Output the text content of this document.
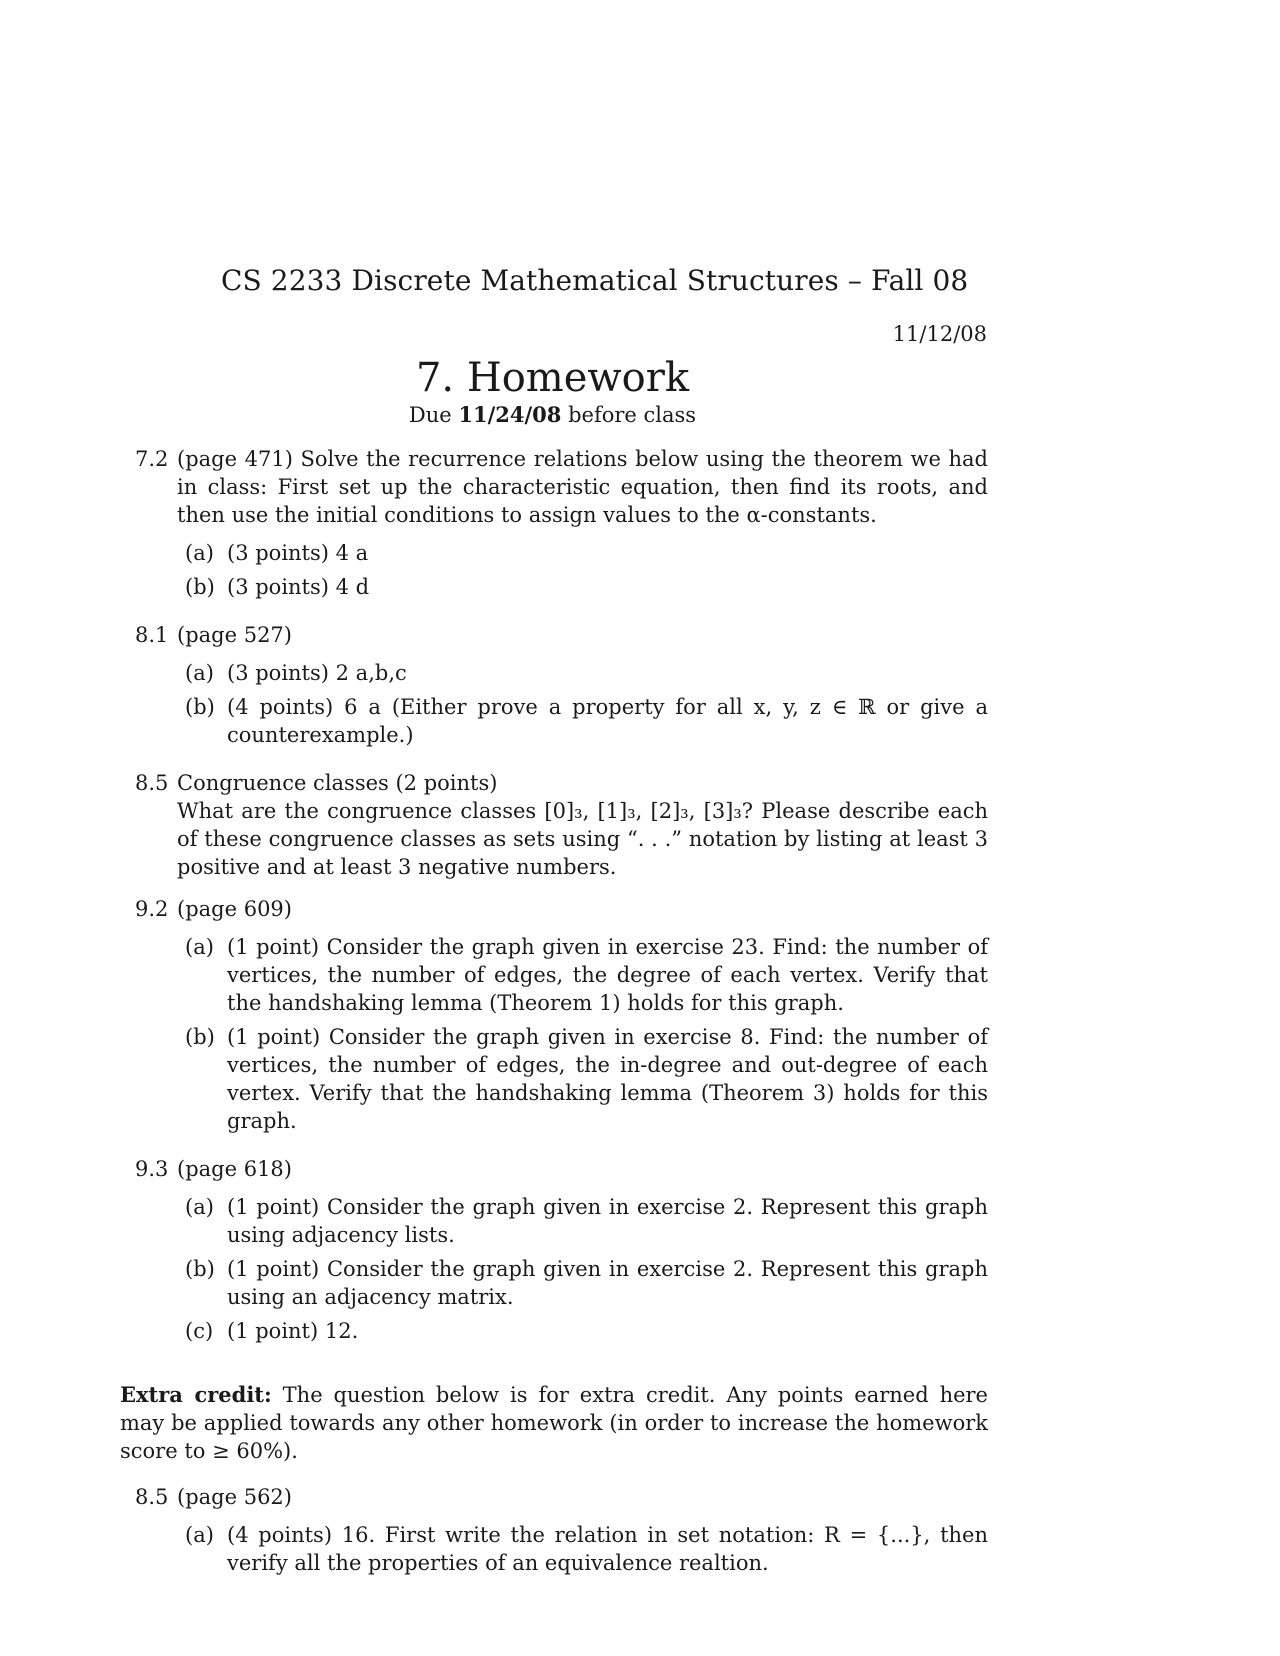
CS 2233 Discrete Mathematical Structures – Fall 08
11/12/08
7. Homework
Due 11/24/08 before class
7.2 (page 471) Solve the recurrence relations below using the theorem we had in class: First set up the characteristic equation, then find its roots, and then use the initial conditions to assign values to the α-constants.
(a) (3 points) 4 a
(b) (3 points) 4 d
8.1 (page 527)
(a) (3 points) 2 a,b,c
(b) (4 points) 6 a (Either prove a property for all x, y, z ∈ ℝ or give a counterexample.)
8.5 Congruence classes (2 points)
What are the congruence classes [0]₃, [1]₃, [2]₃, [3]₃? Please describe each of these congruence classes as sets using “. . .” notation by listing at least 3 positive and at least 3 negative numbers.
9.2 (page 609)
(a) (1 point) Consider the graph given in exercise 23. Find: the number of vertices, the number of edges, the degree of each vertex. Verify that the handshaking lemma (Theorem 1) holds for this graph.
(b) (1 point) Consider the graph given in exercise 8. Find: the number of vertices, the number of edges, the in-degree and out-degree of each vertex. Verify that the handshaking lemma (Theorem 3) holds for this graph.
9.3 (page 618)
(a) (1 point) Consider the graph given in exercise 2. Represent this graph using adjacency lists.
(b) (1 point) Consider the graph given in exercise 2. Represent this graph using an adjacency matrix.
(c) (1 point) 12.
Extra credit: The question below is for extra credit. Any points earned here may be applied towards any other homework (in order to increase the homework score to ≥ 60%).
8.5 (page 562)
(a) (4 points) 16. First write the relation in set notation: R = {...}, then verify all the properties of an equivalence realtion.
